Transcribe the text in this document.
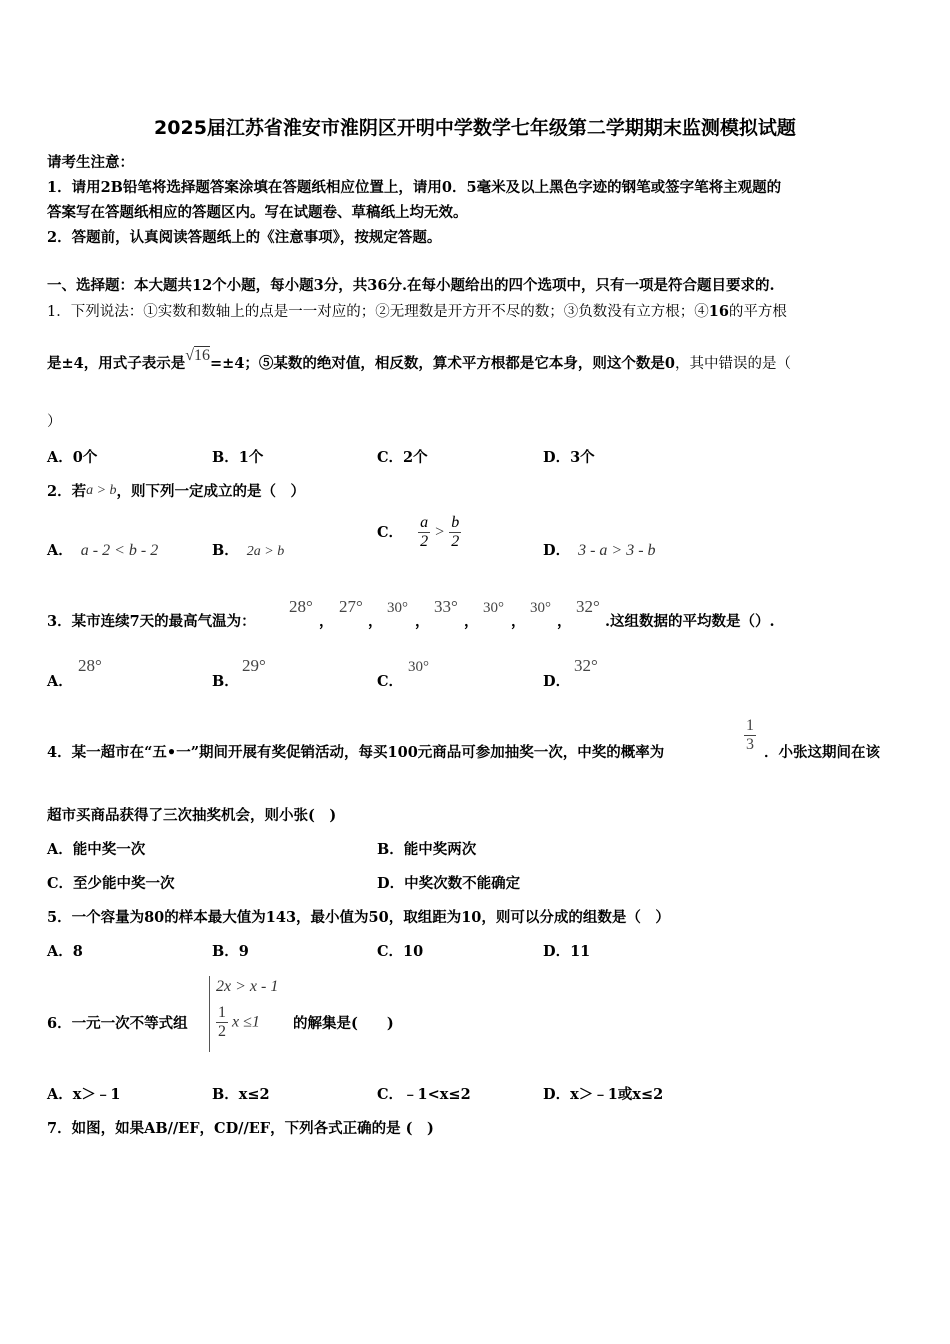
2025届江苏省淮安市淮阴区开明中学数学七年级第二学期期末监测模拟试题
请考生注意：
1．请用2B铅笔将选择题答案涂填在答题纸相应位置上，请用0．5毫米及以上黑色字迹的钢笔或签字笔将主观题的
答案写在答题纸相应的答题区内。写在试题卷、草稿纸上均无效。
2．答题前，认真阅读答题纸上的《注意事项》，按规定答题。
一、选择题：本大题共12个小题，每小题3分，共36分.在每小题给出的四个选项中，只有一项是符合题目要求的.
1．下列说法：①实数和数轴上的点是一一对应的；②无理数是开方开不尽的数；③负数没有立方根；④16的平方根
是±4，用式子表示是√16=±4；⑤某数的绝对值，相反数，算术平方根都是它本身，则这个数是0，其中错误的是（
）
A．0个	B．1个	C．2个	D．3个
2．若a > b，则下列一定成立的是（　）
A． a - 2 < b - 2	B． 2a > b
C． $\frac{a}{2} > \frac{b}{2}$	D． 3 - a > 3 - b
3．某市连续7天的最高气温为：
28°
，
27°
，
30°
，
33°
，
30°
，
30°
，
32°
.这组数据的平均数是（）.
A．
28°
B．
29°
C．
30°
D．
32°
4．某一超市在“五•一”期间开展有奖促销活动，每买100元商品可参加抽奖一次，中奖的概率为	$\frac{1}{3}$ ．小张这期间在该
超市买商品获得了三次抽奖机会，则小张(　)
A．能中奖一次	B．能中奖两次
C．至少能中奖一次	D．中奖次数不能确定
5．一个容量为80的样本最大值为143，最小值为50，取组距为10，则可以分成的组数是（　）
A．8	B．9	C．10	D．11
6．一元一次不等式组
2x > x - 1
$\frac{1}{2}$ x ≤1	的解集是(　　)
A．x＞﹣1	B．x≤2	C．﹣1<x≤2	D．x＞﹣1或x≤2
7．如图，如果AB//EF，CD//EF，下列各式正确的是 (　)
